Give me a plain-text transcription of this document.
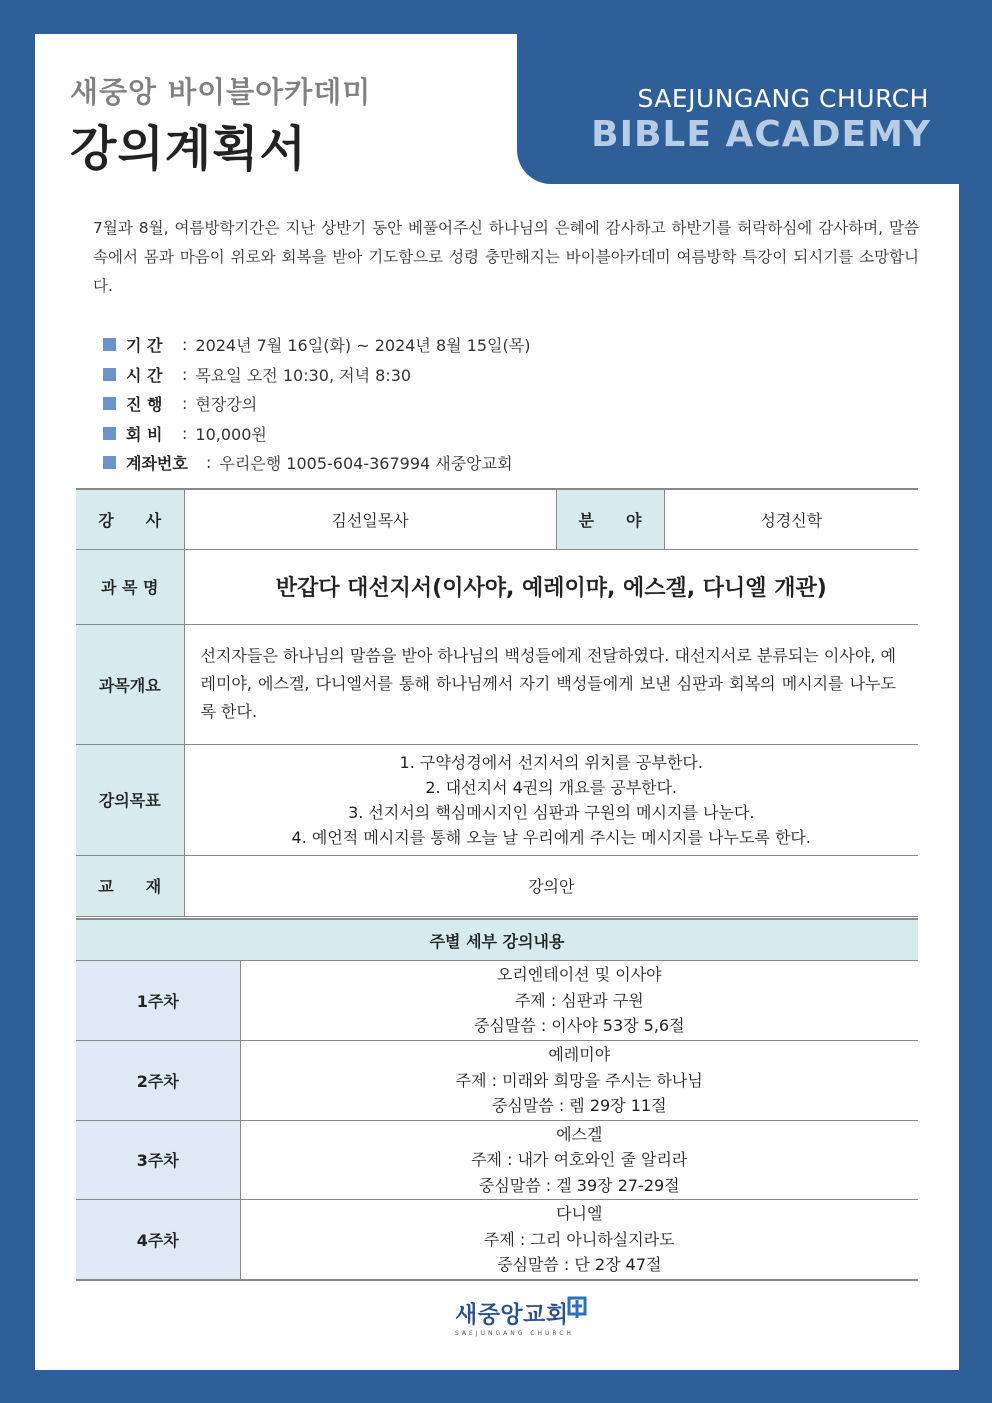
SAEJUNGANG CHURCH
BIBLE ACADEMY
새중앙 바이블아카데미
강의계획서
7월과 8월, 여름방학기간은 지난 상반기 동안 베풀어주신 하나님의 은혜에 감사하고 하반기를 허락하심에 감사하며, 말씀 속에서 몸과 마음이 위로와 회복을 받아 기도함으로 성령 충만해지는 바이블아카데미 여름방학 특강이 되시기를 소망합니다.
기 간	: 2024년 7월 16일(화) ~ 2024년 8월 15일(목)
시 간	: 목요일 오전 10:30, 저녁 8:30
진 행	: 현장강의
회 비	: 10,000원
계좌번호	: 우리은행 1005-604-367994 새중앙교회
강　　사	김선일목사	분　　야	성경신학
과 목 명	반갑다 대선지서(이사야, 예레이먀, 에스겔, 다니엘 개관)		
과목개요	선지자들은 하나님의 말씀을 받아 하나님의 백성들에게 전달하였다. 대선지서로 분류되는 이사야, 예레미야, 에스겔, 다니엘서를 통해 하나님께서 자기 백성들에게 보낸 심판과 회복의 메시지를 나누도록 한다.		
강의목표	1. 구약성경에서 선지서의 위치를 공부한다.
2. 대선지서 4권의 개요를 공부한다.
3. 선지서의 핵심메시지인 심판과 구원의 메시지를 나눈다.
4. 예언적 메시지를 통해 오늘 날 우리에게 주시는 메시지를 나누도록 한다.		

교　　재	강의안		
주별 세부 강의내용	
1주차	오리엔테이션 및 이사야
주제 : 심판과 구원
중심말씀 : 이사야 53장 5,6절

2주차	예레미야
주제 : 미래와 희망을 주시는 하나님
중심말씀 : 렘 29장 11절

3주차	에스겔
주제 : 내가 여호와인 줄 알리라
중심말씀 : 겔 39장 27-29절

4주차	다니엘
주제 : 그리 아니하실지라도
중심말씀 : 단 2장 47절
새중앙교회
SAEJUNGANG CHURCH
